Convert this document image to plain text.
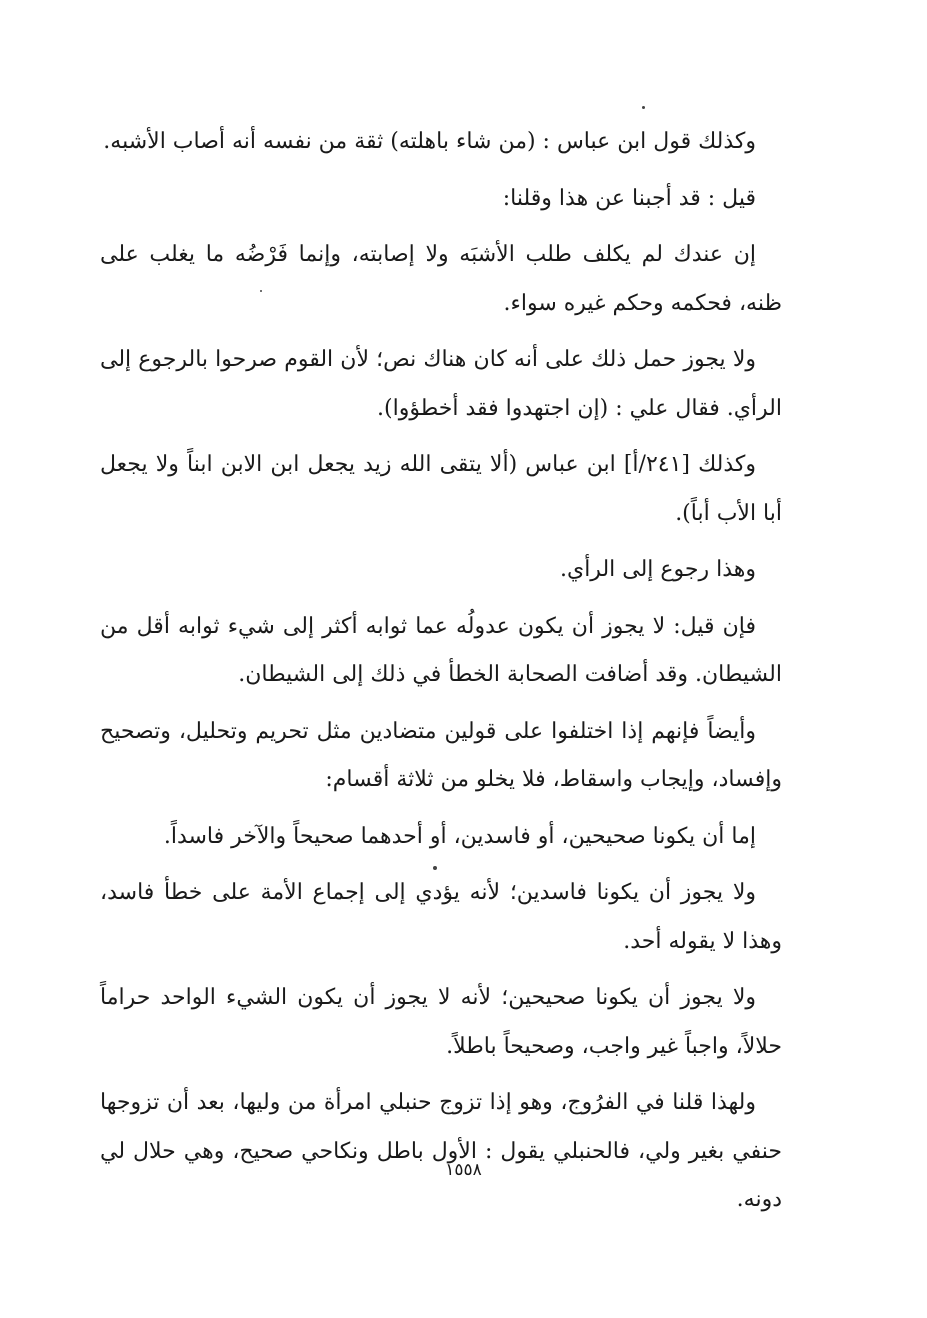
وكذلك قول ابن عباس : (من شاء باهلته) ثقة من نفسه أنه أصاب الأشبه.

قيل : قد أجبنا عن هذا وقلنا:

إن عندك لم يكلف طلب الأشبَه ولا إصابته، وإنما فَرْضُه ما يغلب على ظنه، فحكمه وحكم غيره سواء.

ولا يجوز حمل ذلك على أنه كان هناك نص؛ لأن القوم صرحوا بالرجوع إلى الرأي. فقال علي : (إن اجتهدوا فقد أخطؤوا).

وكذلك [٢٤١/أ] ابن عباس (ألا يتقى الله زيد يجعل ابن الابن ابناً ولا يجعل أبا الأب أباً).

وهذا رجوع إلى الرأي.

فإن قيل: لا يجوز أن يكون عدولُه عما ثوابه أكثر إلى شيء ثوابه أقل من الشيطان. وقد أضافت الصحابة الخطأ في ذلك إلى الشيطان.

وأيضاً فإنهم إذا اختلفوا على قولين متضادين مثل تحريم وتحليل، وتصحيح وإفساد، وإيجاب واسقاط، فلا يخلو من ثلاثة أقسام:

إما أن يكونا صحيحين، أو فاسدين، أو أحدهما صحيحاً والآخر فاسداً.

ولا يجوز أن يكونا فاسدين؛ لأنه يؤدي إلى إجماع الأمة على خطأ فاسد، وهذا لا يقوله أحد.

ولا يجوز أن يكونا صحيحين؛ لأنه لا يجوز أن يكون الشيء الواحد حراماً حلالاً، واجباً غير واجب، وصحيحاً باطلاً.

ولهذا قلنا في الفرُوج، وهو إذا تزوج حنبلي امرأة من وليها، بعد أن تزوجها حنفي بغير ولي، فالحنبلي يقول : الأول باطل ونكاحي صحيح، وهي حلال لي دونه.

١٥٥٨
